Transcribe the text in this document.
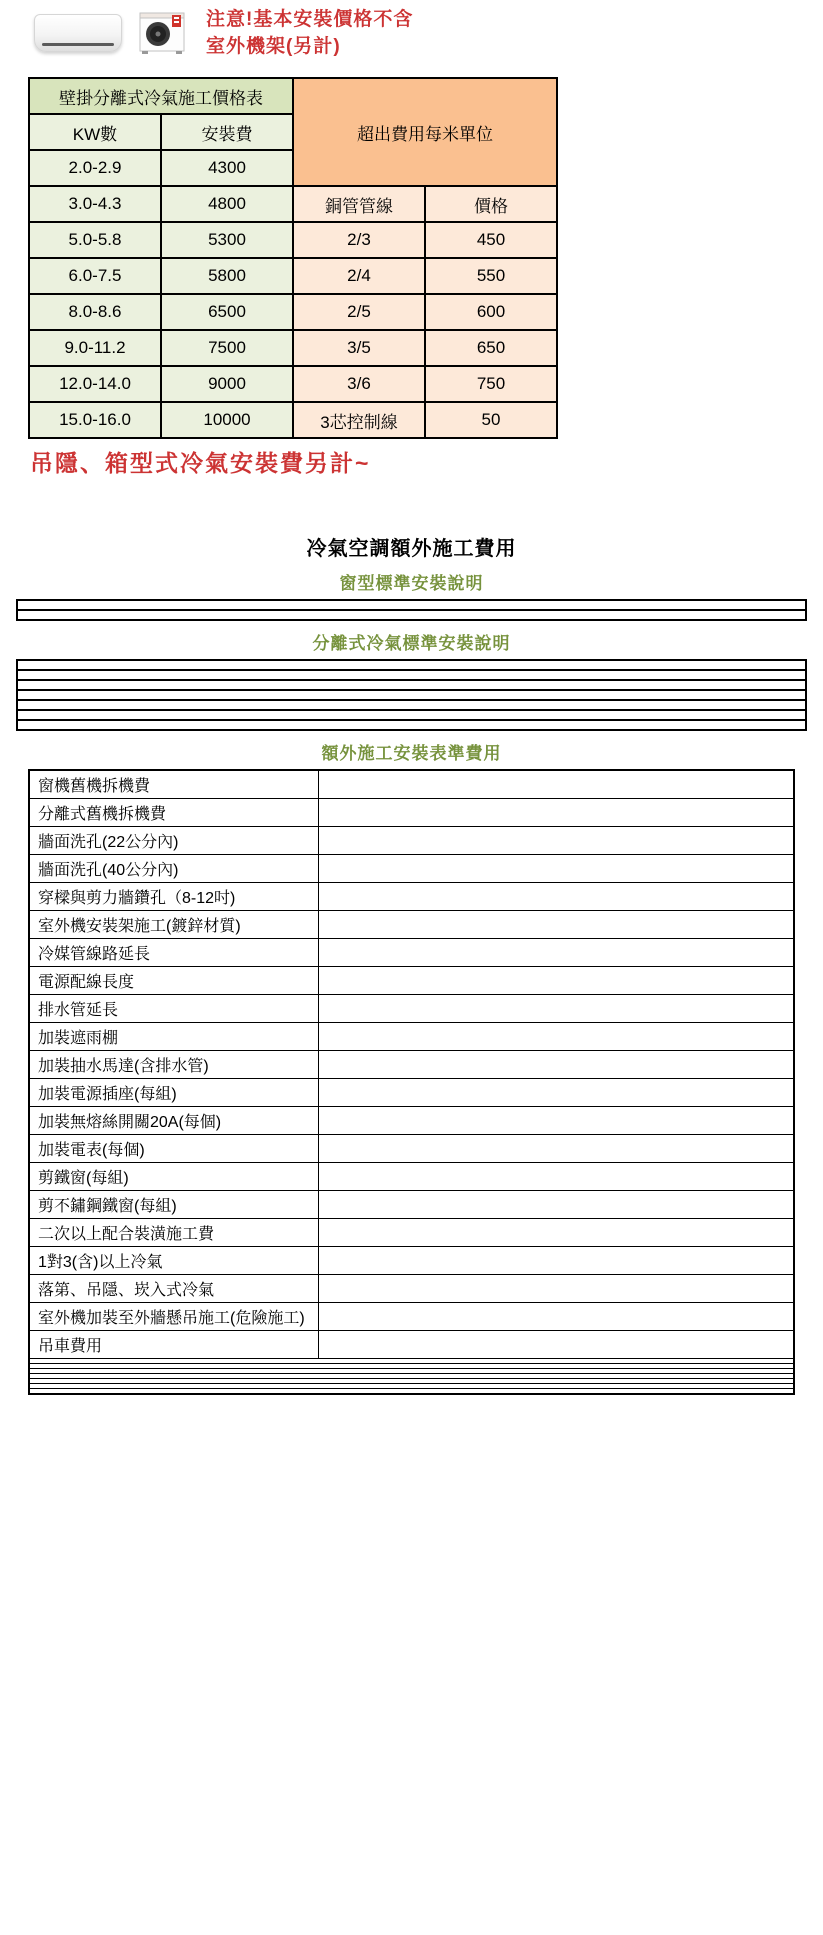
注意!基本安裝價格不含
室外機架(另計)
壁掛分離式冷氣施工價格表		超出費用每米單位	
KW數	安裝費		
2.0-2.9	4300		
3.0-4.3	4800	銅管管線	價格
5.0-5.8	5300	2/3	450
6.0-7.5	5800	2/4	550
8.0-8.6	6500	2/5	600
9.0-11.2	7500	3/5	650
12.0-14.0	9000	3/6	750
15.0-16.0	10000	3芯控制線	50
吊隱、箱型式冷氣安裝費另計~
冷氣空調額外施工費用
窗型標準安裝說明
分離式冷氣標準安裝說明
額外施工安裝表準費用
窗機舊機拆機費	
分離式舊機拆機費	
牆面洗孔(22公分內)	
牆面洗孔(40公分內)	
穿樑與剪力牆鑽孔（8-12吋)	
室外機安裝架施工(鍍鋅材質)	
冷媒管線路延長	
電源配線長度	
排水管延長	
加裝遮雨棚	
加裝抽水馬達(含排水管)	
加裝電源插座(每組)	
加裝無熔絲開關20A(每個)	
加裝電表(每個)	
剪鐵窗(每組)	
剪不鏽鋼鐵窗(每組)	
二次以上配合裝潢施工費	
1對3(含)以上冷氣	
落第、吊隱、崁入式冷氣	
室外機加裝至外牆懸吊施工(危險施工)	
吊車費用	
